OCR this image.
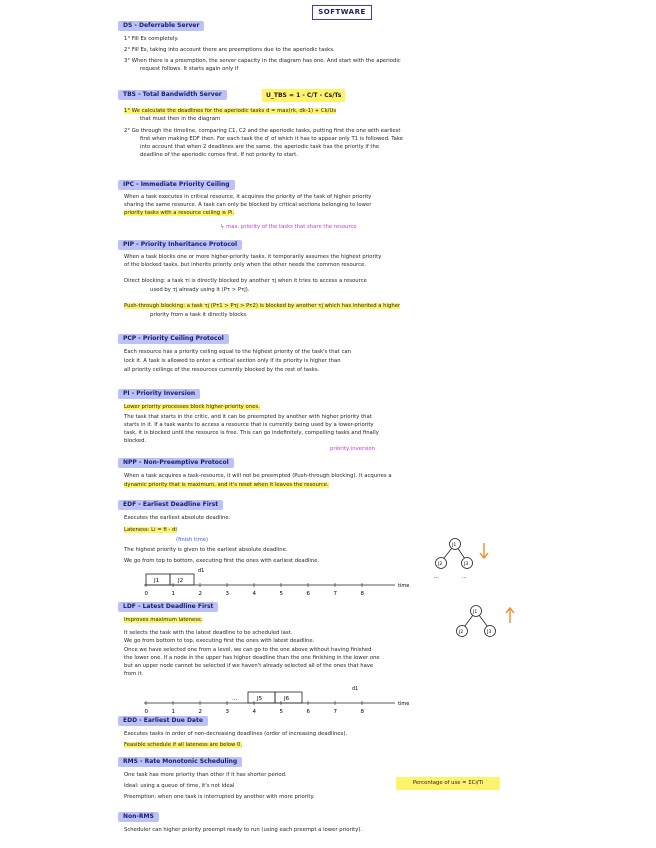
SOFTWARE
DS - Deferrable Server
1° Fill Es completely.
2° Fill Es, taking into account there are preemptions due to the aperiodic tasks.
3° When there is a preemption, the server capacity in the diagram has one. And start with the aperiodic
request follows. It starts again only if
TBS - Total Bandwidth Server	U_TBS = 1 - C/T - Cs/Ts
1° We calculate the deadlines for the aperiodic tasks d = max(rk, dk-1) + Ck/Us
that must then in the diagram
2° Go through the timeline, comparing C1, C2 and the aperiodic tasks, putting first the one with earliest
first when making EDF then. For each task the d' of which it has to appear only T1 is followed. Take
into account that when 2 deadlines are the same, the aperiodic task has the priority if the
deadline of the aperiodic comes first. If not priority to start.
IPC - Immediate Priority Ceiling
When a task executes in critical resource, it acquires the priority of the task of higher priority
sharing the same resource. A task can only be blocked by critical sections belonging to lower
priority tasks with a resource ceiling ≥ Pi.
↳ max. priority of the tasks that share the resource
PIP - Priority Inheritance Protocol
When a task blocks one or more higher-priority tasks, it temporarily assumes the highest priority
of the blocked tasks, but inherits priority only when the other needs the common resource.
Direct blocking: a task τi is directly blocked by another τj when it tries to access a resource
used by τj already using it (Pτ > Pτj).
Push-through blocking: a task τj (Pτ1 > Pτj > Pτ2) is blocked by another τj which has inherited a higher
priority from a task it directly blocks.
PCP - Priority Ceiling Protocol
Each resource has a priority ceiling equal to the highest priority of the task's that can
lock it. A task is allowed to enter a critical section only if its priority is higher than
all priority ceilings of the resources currently blocked by the rest of tasks.
PI - Priority Inversion
Lower priority processes block higher-priority ones.
The task that starts in the critic, and it can be preempted by another with higher priority that
starts in it. If a task wants to access a resource that is currently being used by a lower-priority
task, it is blocked until the resource is free. This can go indefinitely, compelling tasks and finally
blocked.
priority inversion
NPP - Non-Preemptive Protocol
When a task acquires a task-resource, it will not be preempted (Push-through blocking). It acquires a
dynamic priority that is maximum, and it's reset when it leaves the resource.
EDF - Earliest Deadline First
Executes the earliest absolute deadline.
Lateness: Li = fi - di
(finish time)
The highest priority is given to the earliest absolute deadline.
We go from top to bottom, executing first the ones with earliest deadline.
d1
J1	J2
time
0	1	2	3	4	5	6	7	8
J1
J2	J3
...	...
LDF - Latest Deadline First
Improves maximum lateness.
It selects the task with the latest deadline to be scheduled last.
We go from bottom to top, executing first the ones with latest deadline.
Once we have selected one from a level, we can go to the one above without having finished
the lower one. If a node in the upper has higher deadline than the one finishing in the lower one
but an upper node cannot be selected if we haven't already selected all of the ones that have
from it.
J1
J2	J3
d1
...	J5	J6
time
0	1	2	3	4	5	6	7	8
EDD - Earliest Due Date
Executes tasks in order of non-decreasing deadlines (order of increasing deadlines).
Feasible schedule if all lateness are below 0.
RMS - Rate Monotonic Scheduling
One task has more priority than other if it has shorter period.
Ideal: using a queue of time, it's not ideal
Preemption: when one task is interrupted by another with more priority.
Percentage of use = ΣCi/Ti
Non-RMS
Scheduler can higher priority preempt ready to run (using each preempt a lower priority).
